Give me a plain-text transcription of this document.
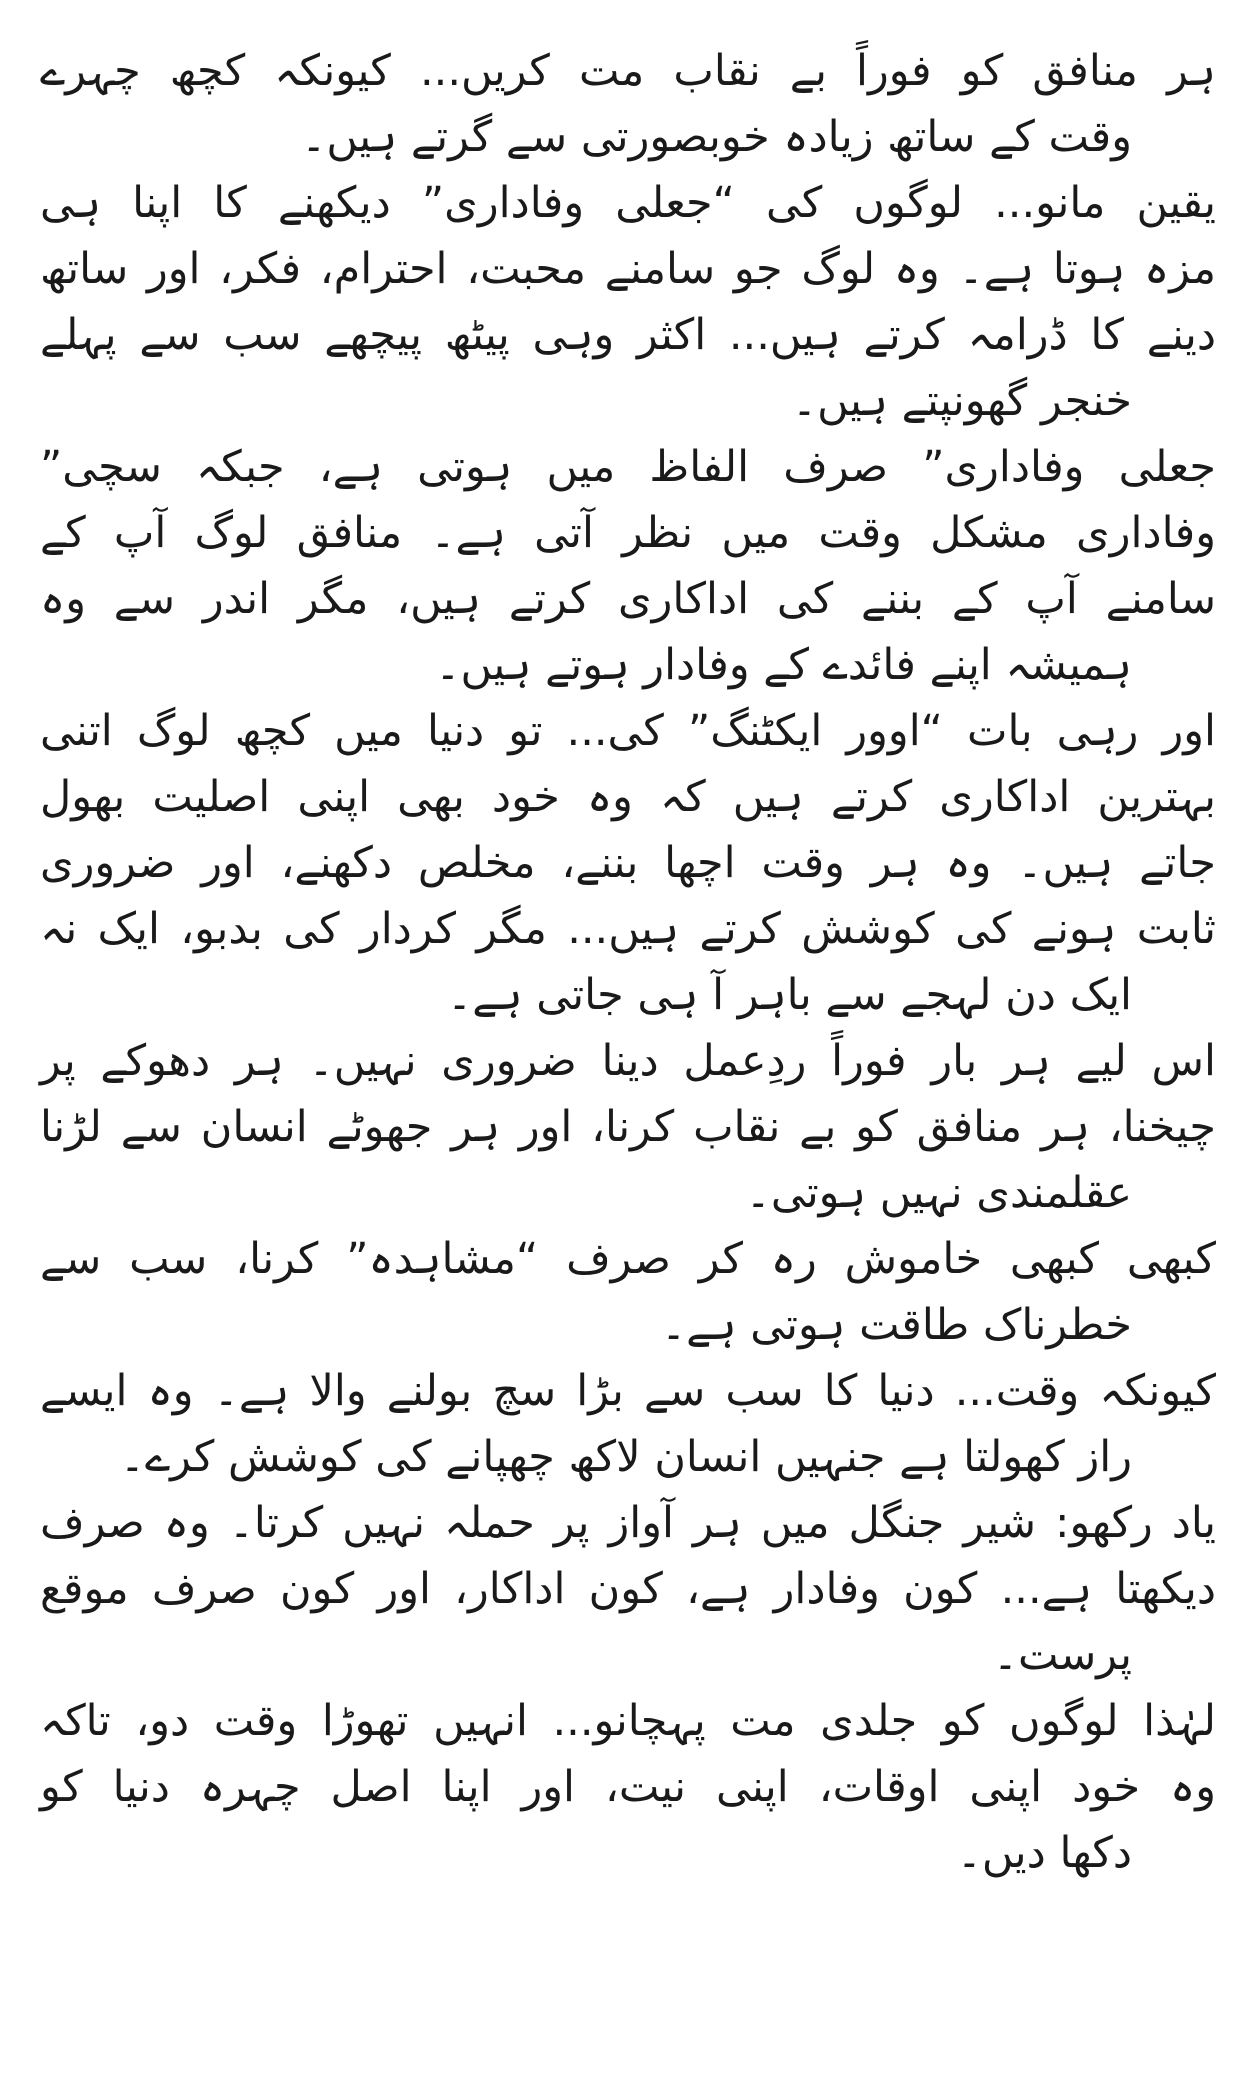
ہر منافق کو فوراً بے نقاب مت کریں... کیونکہ کچھ چہرے
وقت کے ساتھ زیادہ خوبصورتی سے گرتے ہیں۔
یقین مانو... لوگوں کی “جعلی وفاداری” دیکھنے کا اپنا ہی
مزہ ہوتا ہے۔ وہ لوگ جو سامنے محبت، احترام، فکر، اور ساتھ
دینے کا ڈرامہ کرتے ہیں... اکثر وہی پیٹھ پیچھے سب سے پہلے
خنجر گھونپتے ہیں۔
جعلی وفاداری” صرف الفاظ میں ہوتی ہے، جبکہ سچی”
وفاداری مشکل وقت میں نظر آتی ہے۔ منافق لوگ آپ کے
سامنے آپ کے بننے کی اداکاری کرتے ہیں، مگر اندر سے وہ
ہمیشہ اپنے فائدے کے وفادار ہوتے ہیں۔
اور رہی بات “اوور ایکٹنگ” کی... تو دنیا میں کچھ لوگ اتنی
بہترین اداکاری کرتے ہیں کہ وہ خود بھی اپنی اصلیت بھول
جاتے ہیں۔ وہ ہر وقت اچھا بننے، مخلص دکھنے، اور ضروری
ثابت ہونے کی کوشش کرتے ہیں... مگر کردار کی بدبو، ایک نہ
ایک دن لہجے سے باہر آ ہی جاتی ہے۔
اس لیے ہر بار فوراً ردِعمل دینا ضروری نہیں۔ ہر دھوکے پر
چیخنا، ہر منافق کو بے نقاب کرنا، اور ہر جھوٹے انسان سے لڑنا
عقلمندی نہیں ہوتی۔
کبھی کبھی خاموش رہ کر صرف “مشاہدہ” کرنا، سب سے
خطرناک طاقت ہوتی ہے۔
کیونکہ وقت... دنیا کا سب سے بڑا سچ بولنے والا ہے۔ وہ ایسے
راز کھولتا ہے جنہیں انسان لاکھ چھپانے کی کوشش کرے۔
یاد رکھو: شیر جنگل میں ہر آواز پر حملہ نہیں کرتا۔ وہ صرف
دیکھتا ہے... کون وفادار ہے، کون اداکار، اور کون صرف موقع
پرست۔
لہٰذا لوگوں کو جلدی مت پہچانو... انہیں تھوڑا وقت دو، تاکہ
وہ خود اپنی اوقات، اپنی نیت، اور اپنا اصل چہرہ دنیا کو
دکھا دیں۔
